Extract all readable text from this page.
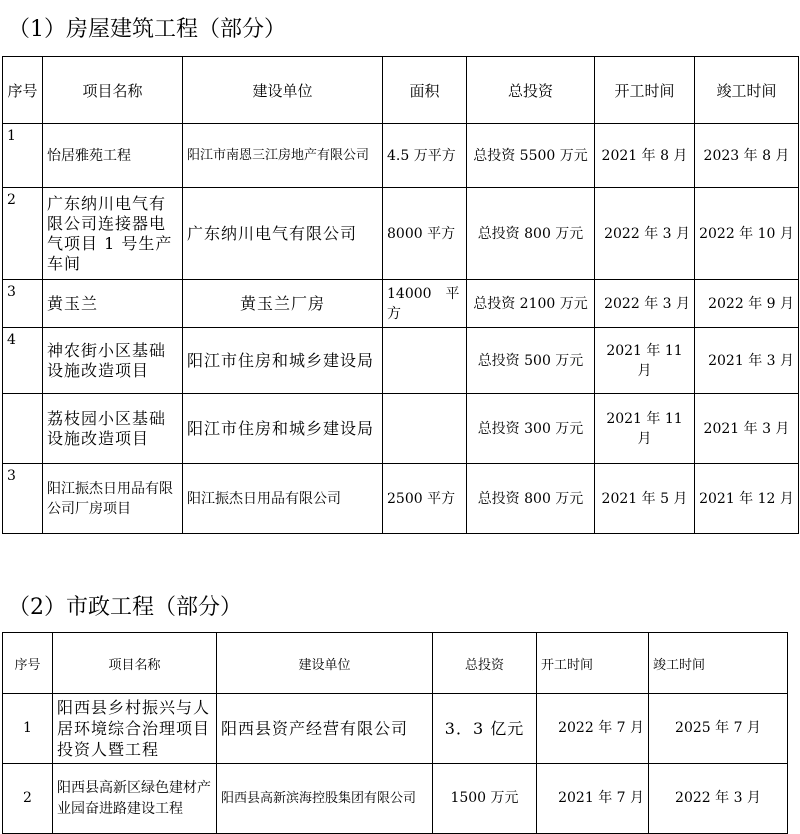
（1）房屋建筑工程（部分）
序号	项目名称	建设单位	面积	总投资	开工时间	竣工时间
1	怡居雅苑工程	阳江市南恩三江房地产有限公司	4.5 万平方	总投资 5500 万元	2021 年 8 月	2023 年 8 月
2	广东纳川电气有限公司连接器电气项目 1 号生产车间	广东纳川电气有限公司	8000 平方	总投资 800 万元	2022 年 3 月	2022 年 10 月
3	黄玉兰	黄玉兰厂房	14000　平方	总投资 2100 万元	2022 年 3 月	2022 年 9 月
4	神农街小区基础设施改造项目	阳江市住房和城乡建设局		总投资 500 万元	2021 年 11 月	2021 年 3 月
	荔枝园小区基础设施改造项目	阳江市住房和城乡建设局		总投资 300 万元	2021 年 11 月	2021 年 3 月
3	阳江振杰日用品有限公司厂房项目	阳江振杰日用品有限公司	2500 平方	总投资 800 万元	2021 年 5 月	2021 年 12 月
（2）市政工程（部分）
序号	项目名称	建设单位	总投资	开工时间	竣工时间
1	阳西县乡村振兴与人居环境综合治理项目投资人暨工程	阳西县资产经营有限公司	3．3 亿元	2022 年 7 月	2025 年 7 月
2	阳西县高新区绿色建材产业园奋进路建设工程	阳西县高新滨海控股集团有限公司	1500 万元	2021 年 7 月	2022 年 3 月
